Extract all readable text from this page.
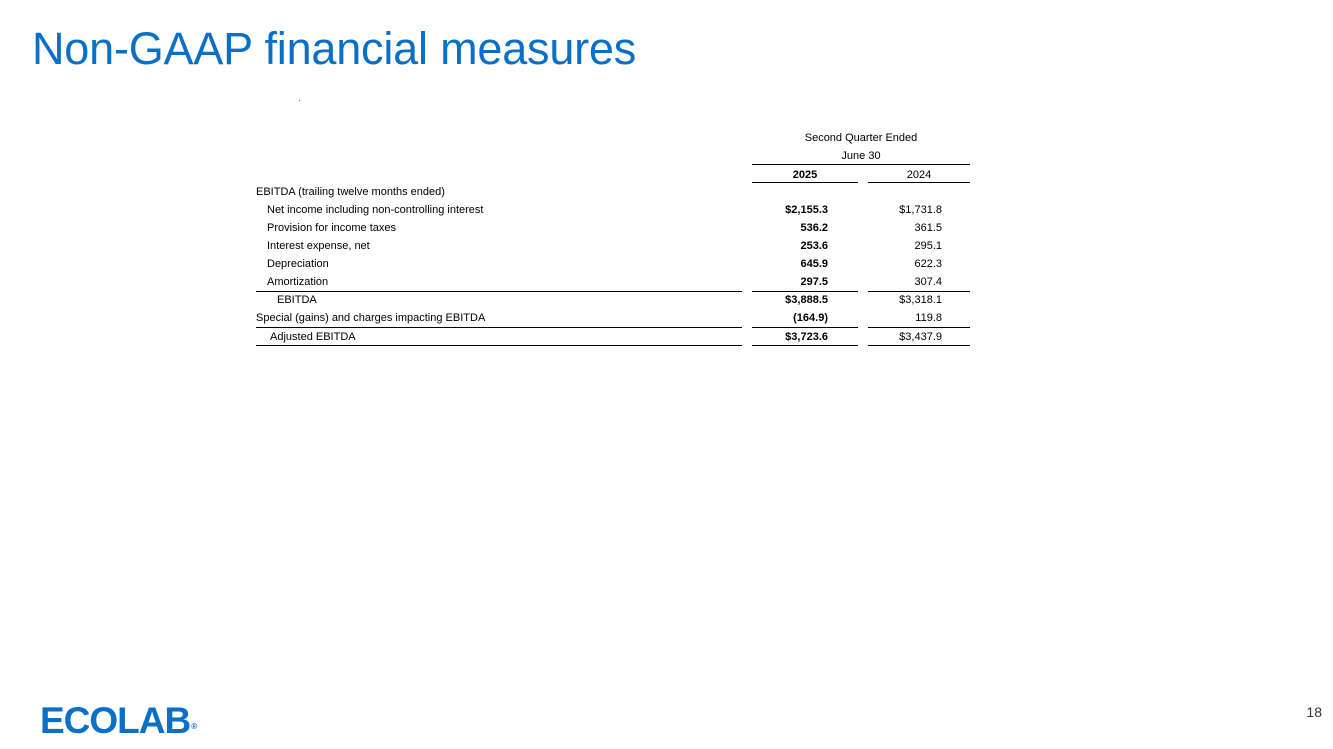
Non-GAAP financial measures
Second Quarter Ended
June 30
2025	2024
EBITDA (trailing twelve months ended)
Net income including non-controlling interest	$2,155.3	$1,731.8
Provision for income taxes	536.2	361.5
Interest expense, net	253.6	295.1
Depreciation	645.9	622.3
Amortization	297.5	307.4
EBITDA	$3,888.5	$3,318.1
Special (gains) and charges impacting EBITDA	(164.9)	119.8
Adjusted EBITDA	$3,723.6	$3,437.9
ECOLAB®
18
